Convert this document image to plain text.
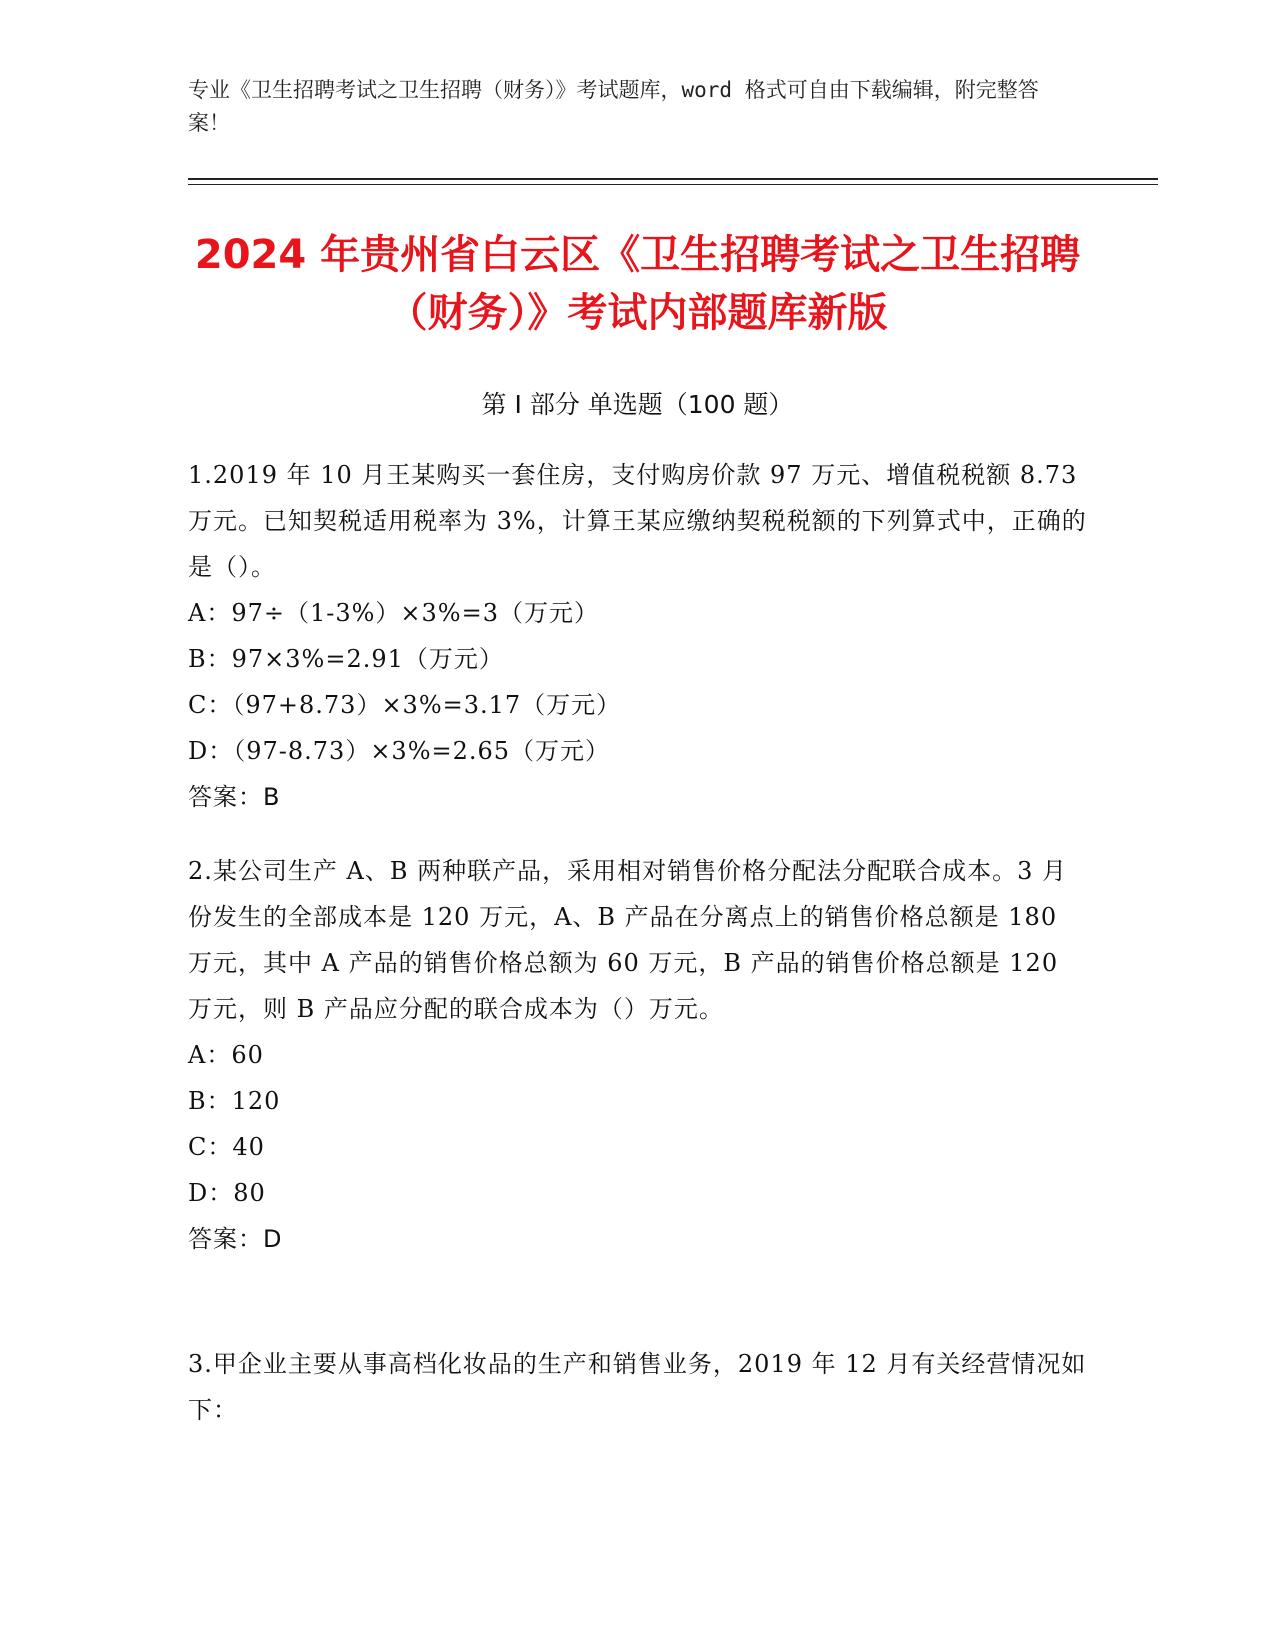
专业《卫生招聘考试之卫生招聘（财务）》考试题库，word 格式可自由下载编辑，附完整答案！
2024 年贵州省白云区《卫生招聘考试之卫生招聘（财务）》考试内部题库新版
第 I 部分 单选题（100 题）

1.2019 年 10 月王某购买一套住房，支付购房价款 97 万元、增值税税额 8.73 万元。已知契税适用税率为 3%，计算王某应缴纳契税税额的下列算式中，正确的是（）。

A：97÷（1-3%）×3%=3（万元）

B：97×3%=2.91（万元）

C：（97+8.73）×3%=3.17（万元）

D：（97-8.73）×3%=2.65（万元）

答案：B

2.某公司生产 A、B 两种联产品，采用相对销售价格分配法分配联合成本。3 月份发生的全部成本是 120 万元，A、B 产品在分离点上的销售价格总额是 180 万元，其中 A 产品的销售价格总额为 60 万元，B 产品的销售价格总额是 120 万元，则 B 产品应分配的联合成本为（）万元。

A：60

B：120

C：40

D：80

答案：D

3.甲企业主要从事高档化妆品的生产和销售业务，2019 年 12 月有关经营情况如下：
